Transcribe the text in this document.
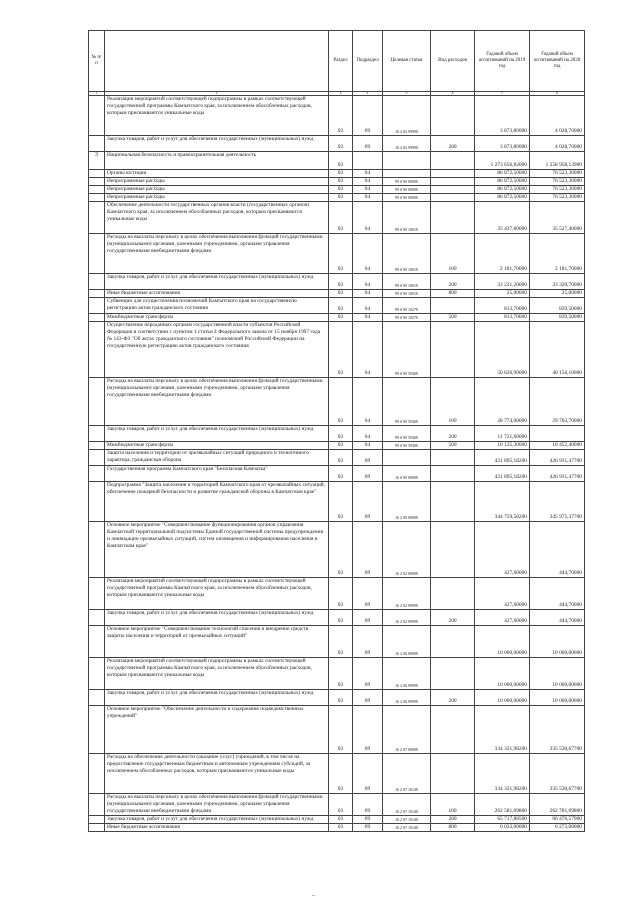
№ п/п		Раздел	Подраздел	Целевая статья	Вид расходов	Годовой объем ассигнований на 2019 год	Годовой объем ассигнований на 2020 год
1	2	3	4	5	6	7	8
	Реализация мероприятий соответствующей подпрограммы в рамках соответствующей государственной программы Камчатского края, за исключением обособленных расходов, которым присваиваются уникальные коды	02	09	16 2 03 99990		3 873,80000	4 028,70000
	Закупка товаров, работ и услуг для обеспечения государственных (муниципальных) нужд	02	09	16 2 03 99990	200	3 873,80000	4 028,70000
3	Национальная безопасность и правоохранительная деятельность	03				1 273 656,82000	1 258 958,13900
	Органы юстиции	03	04			86 872,50000	76 523,30000
	Непрограммные расходы	03	04	99 0 00 00000		86 872,50000	76 523,30000
	Непрограммные расходы	03	04	99 0 00 00000		86 872,50000	76 523,30000
	Непрограммные расходы	03	04	99 0 00 00000		86 872,50000	76 523,30000
	Обеспечение деятельности государственных органов власти (государственных органов) Камчатского края, за исключением обособленных расходов, которым присваиваются уникальные коды	03	04	99 0 00 10010		35 437,80000	35 527,40000
	Расходы на выплаты персоналу в целях обеспечения выполнения функций государственными (муниципальными) органами, казенными учреждениями, органами управления государственными внебюджетными фондами	03	04	99 0 00 10010	100	2 181,70000	2 181,70000
	Закупка товаров, работ и услуг для обеспечения государственных (муниципальных) нужд	03	04	99 0 00 10010	200	33 231,20000	33 320,70000
	Иные бюджетные ассигнования	03	04	99 0 00 10010	800	25,00000	25,00000
	Субвенции для осуществления полномочий Камчатского края на государственную регистрацию актов гражданского состояния	03	04	99 0 00 10270		813,70000	839,50000
	Межбюджетные трансферты	03	04	99 0 00 10270	500	813,70000	839,50000
	Осуществление переданных органам государственной власти субъектов Российской Федерации в соответствии с пунктом 1 статьи 4 Федерального закона от 15 ноября 1997 года № 143-ФЗ "Об актах гражданского состояния" полномочий Российской Федерации на государственную регистрацию актов гражданского состояния	03	04	99 0 00 59300		50 620,90000	40 156,10000
	Расходы на выплаты персоналу в целях обеспечения выполнения функций государственными (муниципальными) органами, казенными учреждениями, органами управления государственными внебюджетными фондами	03	04	99 0 00 59300	100	28 774,00000	29 703,70000
	Закупка товаров, работ и услуг для обеспечения государственных (муниципальных) нужд	03	04	99 0 00 59300	200	11 721,60000	
	Межбюджетные трансферты	03	04	99 0 00 59300	500	10 125,30000	10 452,40000
	Защита населения и территории от чрезвычайных ситуаций природного и техногенного характера, гражданская оборона	03	09			431 895,18200	426 931,47700
	Государственная программа Камчатского края "Безопасная Камчатка"	03	09	16 0 00 00000		431 895,18200	426 931,47700
	Подпрограмма "Защита населения и территорий Камчатского края от чрезвычайных ситуаций, обеспечение пожарной безопасности и развитие гражданской обороны в Камчатском крае"	03	09	16 2 00 00000		344 759,58200	345 975,37700
	Основное мероприятие "Совершенствование функционирования органов управления Камчатской территориальной подсистемы Единой государственной системы предупреждения и ликвидации чрезвычайных ситуаций, систем оповещения и информирования населения в Камчатском крае"	03	09	16 2 02 00000		427,60000	444,70000
	Реализация мероприятий соответствующей подпрограммы в рамках соответствующей государственной программы Камчатского края, за исключением обособленных расходов, которым присваиваются уникальные коды	03	09	16 2 02 99990		427,60000	444,70000
	Закупка товаров, работ и услуг для обеспечения государственных (муниципальных) нужд	03	09	16 2 02 99990	200	427,60000	444,70000
	Основное мероприятие "Совершенствование технологий спасения и внедрение средств защиты населения и территорий от чрезвычайных ситуаций"	03	09	16 2 06 00000		10 000,00000	10 000,00000
	Реализация мероприятий соответствующей подпрограммы в рамках соответствующей государственной программы Камчатского края, за исключением обособленных расходов, которым присваиваются уникальные коды	03	09	16 2 06 99990		10 000,00000	10 000,00000
	Закупка товаров, работ и услуг для обеспечения государственных (муниципальных) нужд	03	09	16 2 06 99990	200	10 000,00000	10 000,00000
	Основное мероприятие "Обеспечение деятельности и содержание подведомственных учреждений"	03	09	16 2 07 00000		334 331,98200	335 530,67700
	Расходы на обеспечение деятельности (оказание услуг) учреждений, в том числе на предоставление государственным бюджетным и автономным учреждениям субсидий, за исключением обособленных расходов, которым присваиваются уникальные коды	03	09	16 2 07 10140		334 331,98200	335 530,67700
	Расходы на выплаты персоналу в целях обеспечения выполнения функций государственными (муниципальными) органами, казенными учреждениями, органами управления государственными внебюджетными фондами	03	09	16 2 07 10140	100	262 581,09800	262 781,09800
	Закупка товаров, работ и услуг для обеспечения государственных (муниципальных) нужд	03	09	16 2 07 10140	200	65 717,88500	66 476,57900
	Иные бюджетные ассигнования	03	09	16 2 07 10140	800	6 033,00000	6 273,00000
–
